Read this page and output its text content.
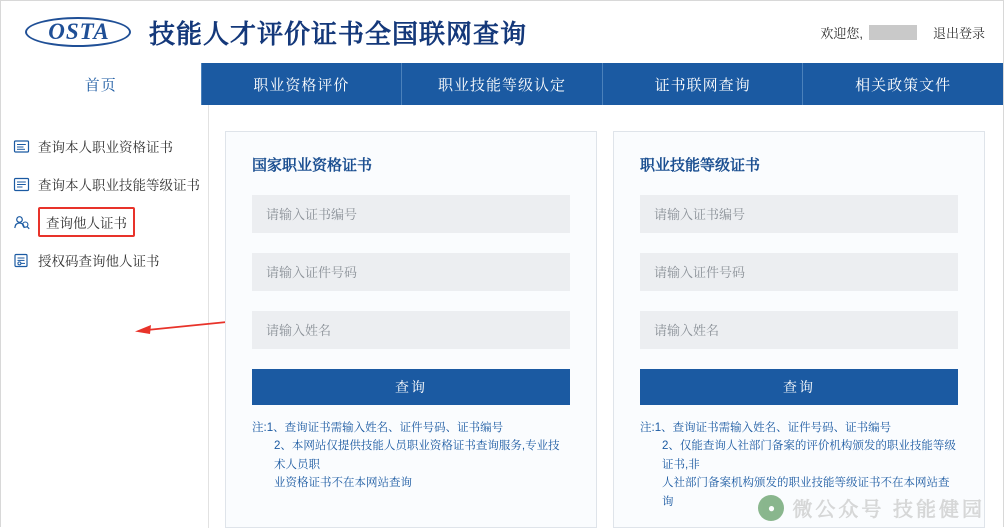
OSTA 技能人才评价证书全国联网查询	欢迎您,	退出登录
首页	职业资格评价	职业技能等级认定	证书联网查询	相关政策文件
查询本人职业资格证书
查询本人职业技能等级证书
查询他人证书
授权码查询他人证书
国家职业资格证书
请输入证书编号 请输入证件号码 请输入姓名 查询
注:1、查询证书需输入姓名、证件号码、证书编号
2、本网站仅提供技能人员职业资格证书查询服务,专业技术人员职
业资格证书不在本网站查询
职业技能等级证书
请输入证书编号 请输入证件号码 请输入姓名 查询
注:1、查询证书需输入姓名、证件号码、证书编号
2、仅能查询人社部门备案的评价机构颁发的职业技能等级证书,非
人社部门备案机构颁发的职业技能等级证书不在本网站查询	● 微公众号 技能健园
